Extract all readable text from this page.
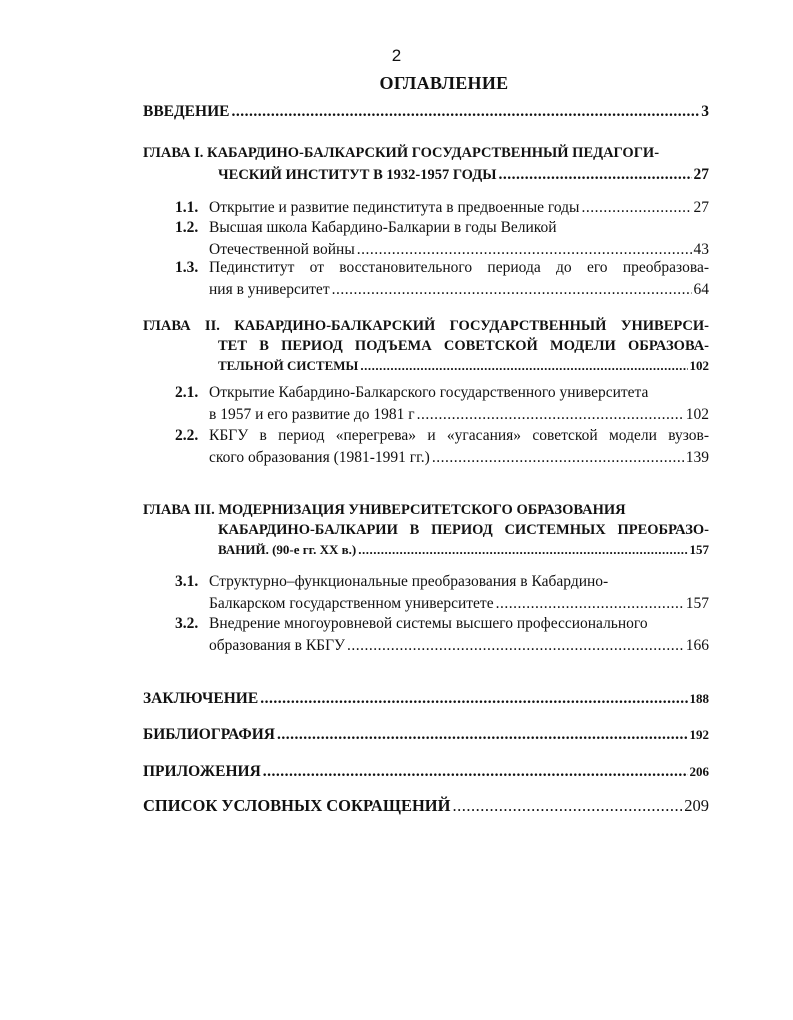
2
ОГЛАВЛЕНИЕ
ВВЕДЕНИЕ .....	3
ГЛАВА I. КАБАРДИНО-БАЛКАРСКИЙ ГОСУДАРСТВЕННЫЙ ПЕДАГОГИ-
ЧЕСКИЙ ИНСТИТУТ В 1932-1957 ГОДЫ .....	27
1.1. Открытие и развитие пединститута в предвоенные годы .....	27
1.2. Высшая школа Кабардино-Балкарии в годы Великой
Отечественной войны .....	43
1.3. Пединститут от восстановительного периода до его преобразова-
ния в университет .....	64
ГЛАВА II. КАБАРДИНО-БАЛКАРСКИЙ ГОСУДАРСТВЕННЫЙ УНИВЕРСИ-
ТЕТ В ПЕРИОД ПОДЪЕМА СОВЕТСКОЙ МОДЕЛИ ОБРАЗОВА-
ТЕЛЬНОЙ СИСТЕМЫ .....	102
2.1. Открытие Кабардино-Балкарского государственного университета
в 1957 и его развитие до 1981 г .....	102
2.2. КБГУ в период «перегрева» и «угасания» советской модели вузов-
ского образования (1981-1991 гг.) .....	139
ГЛАВА III. МОДЕРНИЗАЦИЯ УНИВЕРСИТЕТСКОГО ОБРАЗОВАНИЯ
КАБАРДИНО-БАЛКАРИИ В ПЕРИОД СИСТЕМНЫХ ПРЕОБРАЗО-
ВАНИЙ. (90-е гг. XX в.) .....	157
3.1. Структурно–функциональные преобразования в Кабардино-
Балкарском государственном университете .....	157
3.2. Внедрение многоуровневой системы высшего профессионального
образования в КБГУ .....	166
ЗАКЛЮЧЕНИЕ .....	188
БИБЛИОГРАФИЯ .....	192
ПРИЛОЖЕНИЯ .....	206
СПИСОК УСЛОВНЫХ СОКРАЩЕНИЙ .....	209
